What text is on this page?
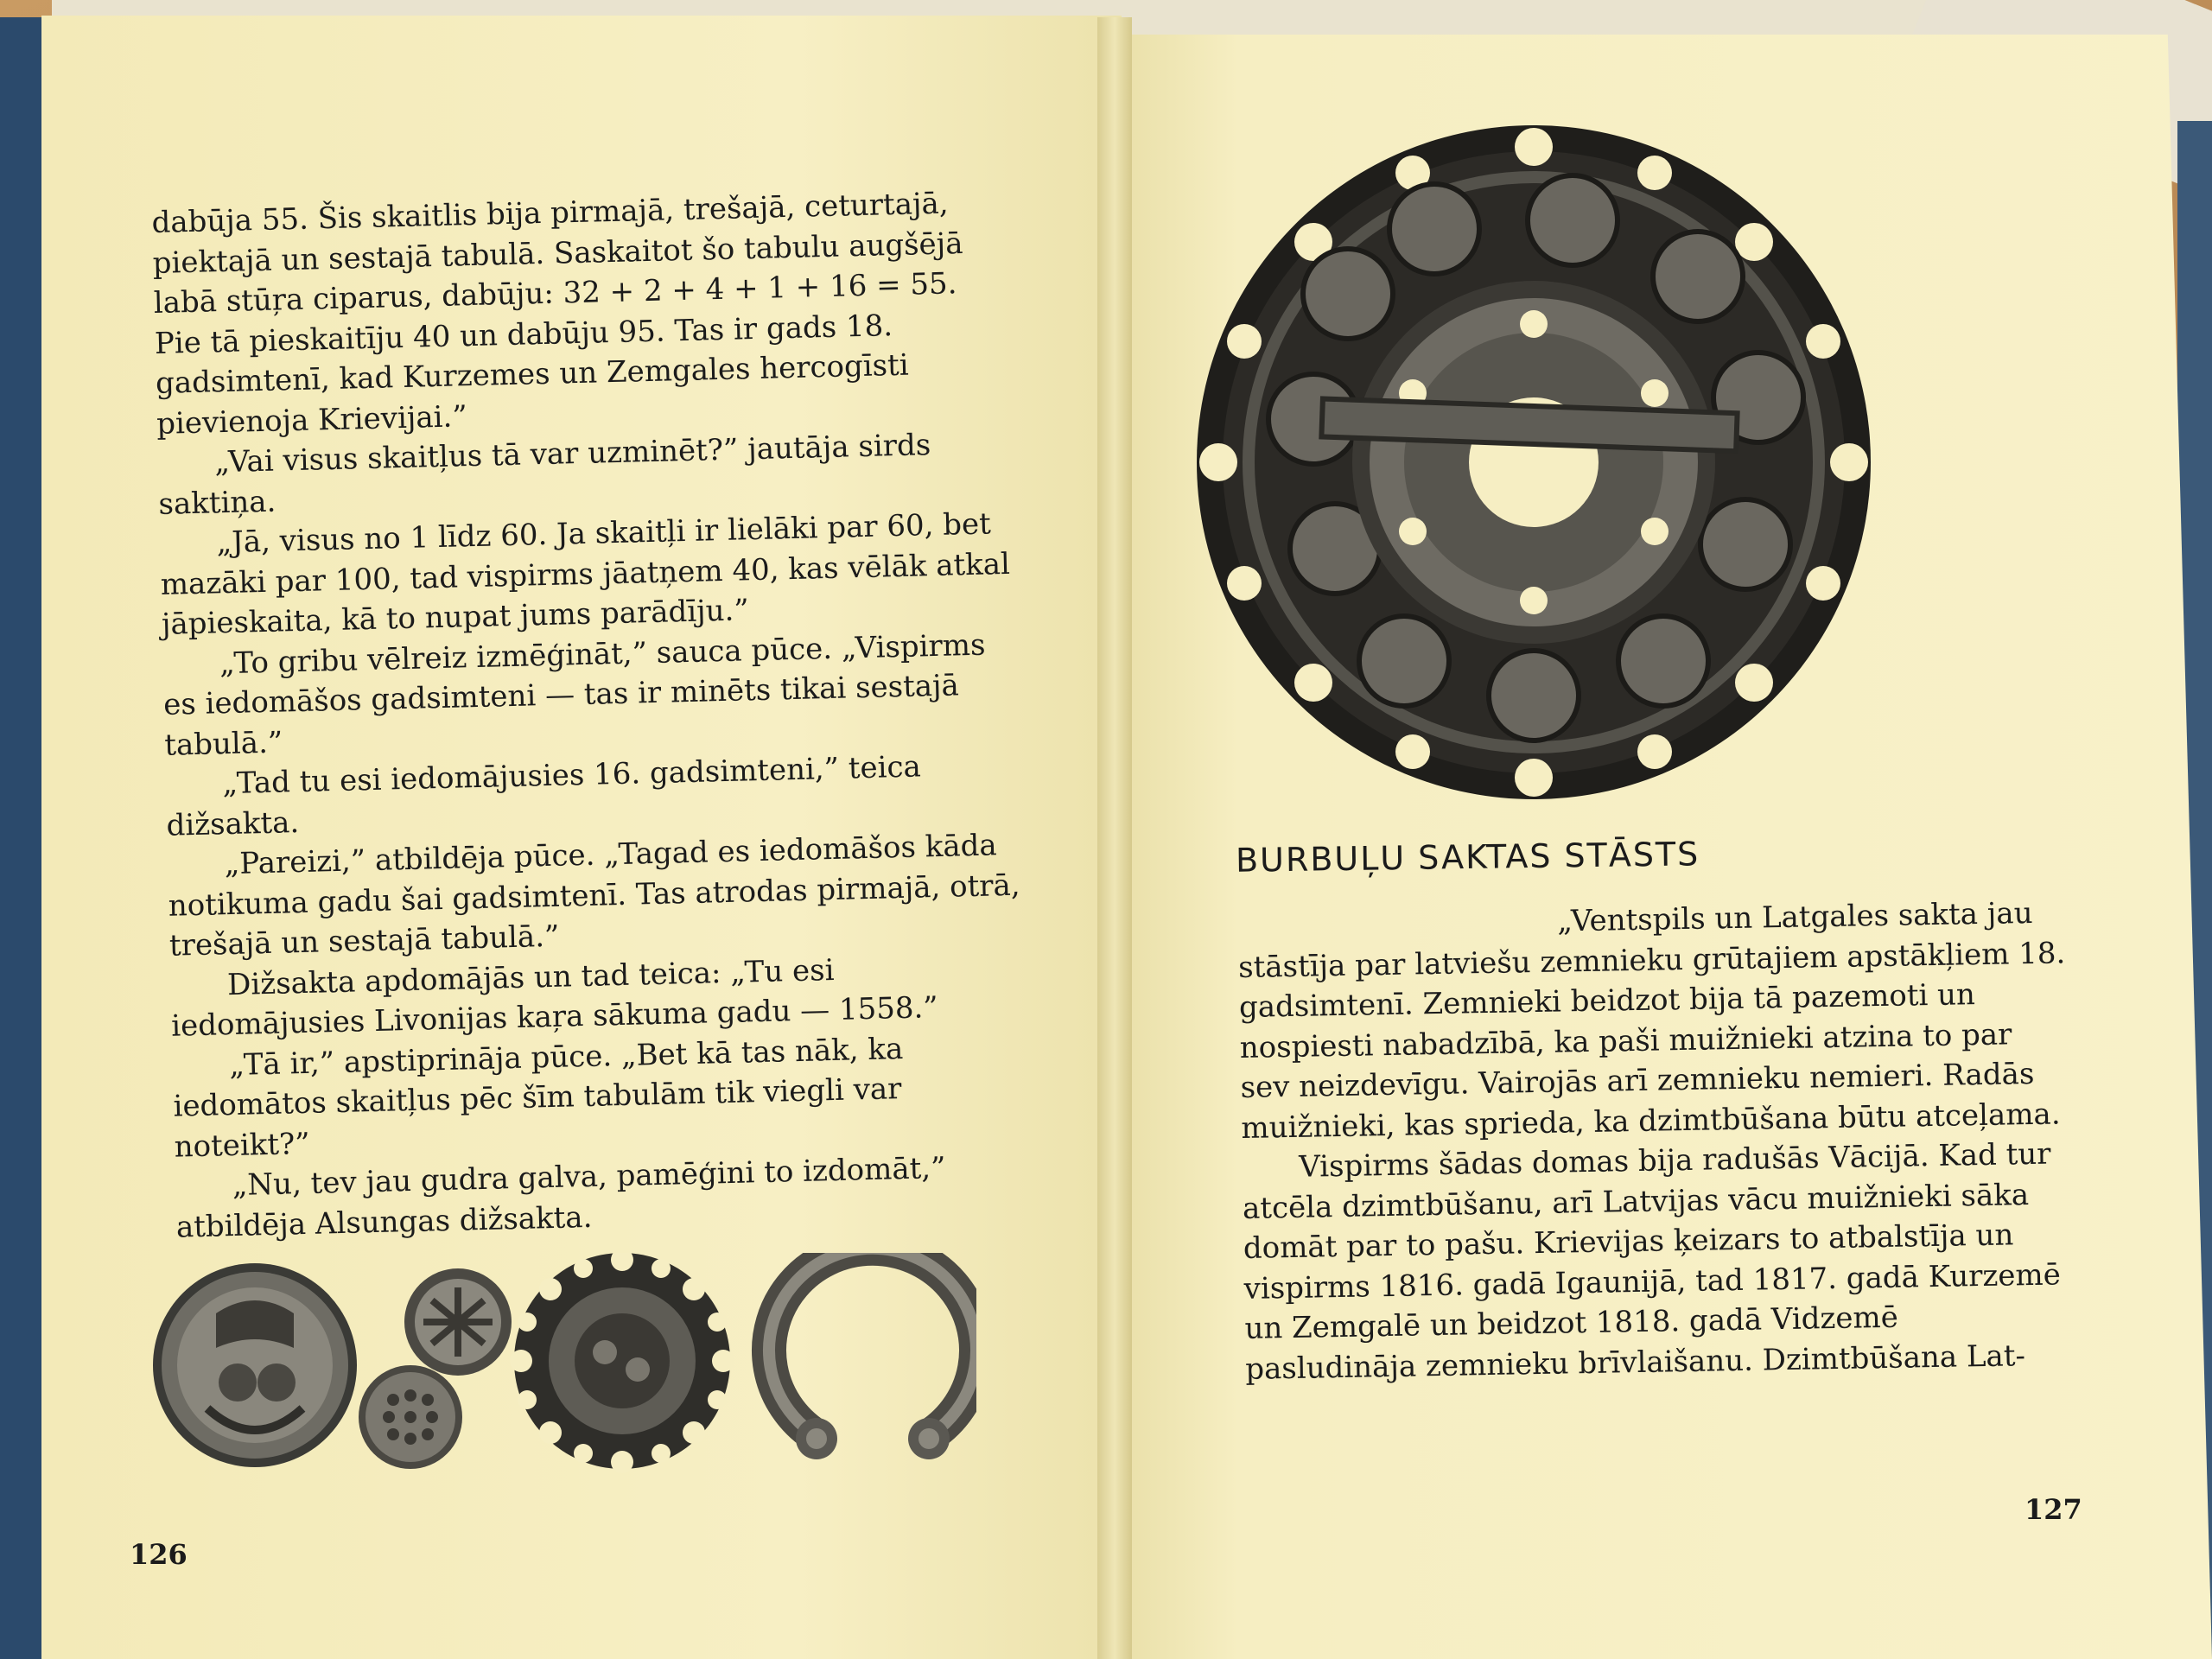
dabūja 55. Šis skaitlis bija pirmajā, trešajā, ceturtajā, piektajā un sestajā tabulā. Saskaitot šo tabulu augšējā labā stūŗa ciparus, dabūju: 32 + 2 + 4 + 1 + 16 = 55. Pie tā pieskaitīju 40 un dabūju 95. Tas ir gads 18. gadsimtenī, kad Kurzemes un Zemgales hercogīsti pievienoja Krievijai.”

„Vai visus skaitļus tā var uzminēt?” jautāja sirds saktiņa.

„Jā, visus no 1 līdz 60. Ja skaitļi ir lielāki par 60, bet mazāki par 100, tad vispirms jāatņem 40, kas vēlāk atkal jāpieskaita, kā to nupat jums parādīju.”

„To gribu vēlreiz izmēģināt,” sauca pūce. „Vispirms es iedomāšos gadsimteni — tas ir minēts tikai sestajā tabulā.”

„Tad tu esi iedomājusies 16. gadsimteni,” teica dižsakta.

„Pareizi,” atbildēja pūce. „Tagad es iedomāšos kāda notikuma gadu šai gadsimtenī. Tas atrodas pirmajā, otrā, trešajā un sestajā tabulā.”

Dižsakta apdomājās un tad teica: „Tu esi iedomājusies Livonijas kaŗa sākuma gadu — 1558.”

„Tā ir,” apstiprināja pūce. „Bet kā tas nāk, ka iedomātos skaitļus pēc šīm tabulām tik viegli var noteikt?”

„Nu, tev jau gudra galva, pamēģini to izdomāt,” atbildēja Alsungas dižsakta.

126
BURBUĻU SAKTAS STĀSTS

„Ventspils un Latgales sakta jau stāstīja par latviešu zemnieku grūtajiem apstākļiem 18. gadsimtenī. Zemnieki beidzot bija tā pazemoti un nospiesti nabadzībā, ka paši muižnieki atzina to par sev neizdevīgu. Vairojās arī zemnieku nemieri. Radās muižnieki, kas sprieda, ka dzimtbūšana būtu atceļama.

Vispirms šādas domas bija radušās Vācijā. Kad tur atcēla dzimtbūšanu, arī Latvijas vācu muižnieki sāka domāt par to pašu. Krievijas ķeizars to atbalstīja un vispirms 1816. gadā Igaunijā, tad 1817. gadā Kurzemē un Zemgalē un beidzot 1818. gadā Vidzemē pasludināja zemnieku brīvlaišanu. Dzimtbūšana Lat-

127
